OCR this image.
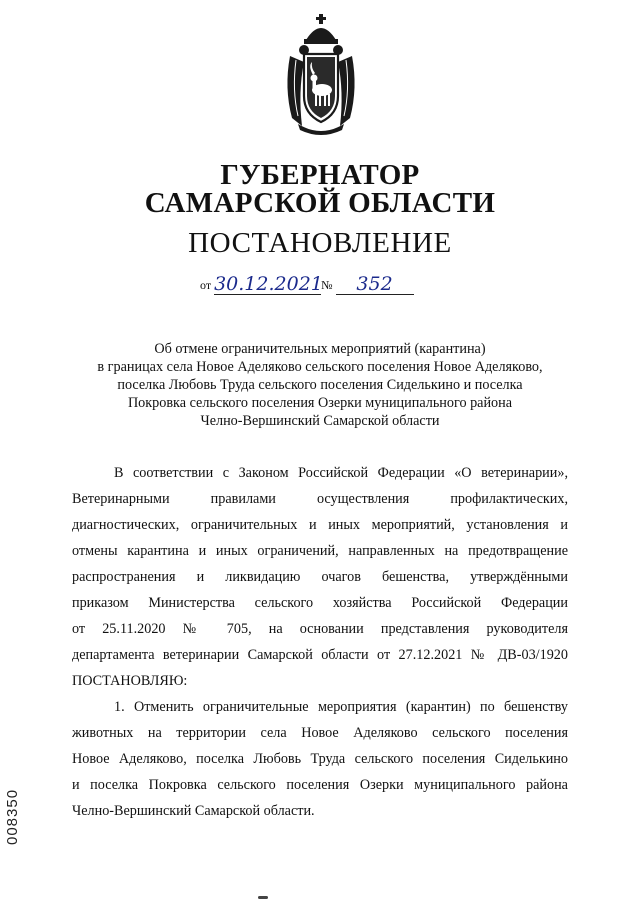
ГУБЕРНАТОР
САМАРСКОЙ ОБЛАСТИ
ПОСТАНОВЛЕНИЕ
от 30.12.2021
№	352
Об отмене ограничительных мероприятий (карантина)
в границах села Новое Аделяково сельского поселения Новое Аделяково,
поселка Любовь Труда сельского поселения Сиделькино и поселка
Покровка сельского поселения Озерки муниципального района
Челно-Вершинский Самарской области

В соответствии с Законом Российской Федерации «О ветеринарии»,

Ветеринарными правилами осуществления профилактических,

диагностических, ограничительных и иных мероприятий, установления и

отмены карантина и иных ограничений, направленных на предотвращение

распространения и ликвидацию очагов бешенства, утверждёнными

приказом Министерства сельского хозяйства Российской Федерации

от 25.11.2020 № 705, на основании представления руководителя

департамента ветеринарии Самарской области от 27.12.2021 № ДВ-03/1920

ПОСТАНОВЛЯЮ:

1. Отменить ограничительные мероприятия (карантин) по бешенству

животных на территории села Новое Аделяково сельского поселения

Новое Аделяково, поселка Любовь Труда сельского поселения Сиделькино

и поселка Покровка сельского поселения Озерки муниципального района

Челно-Вершинский Самарской области.

008350
